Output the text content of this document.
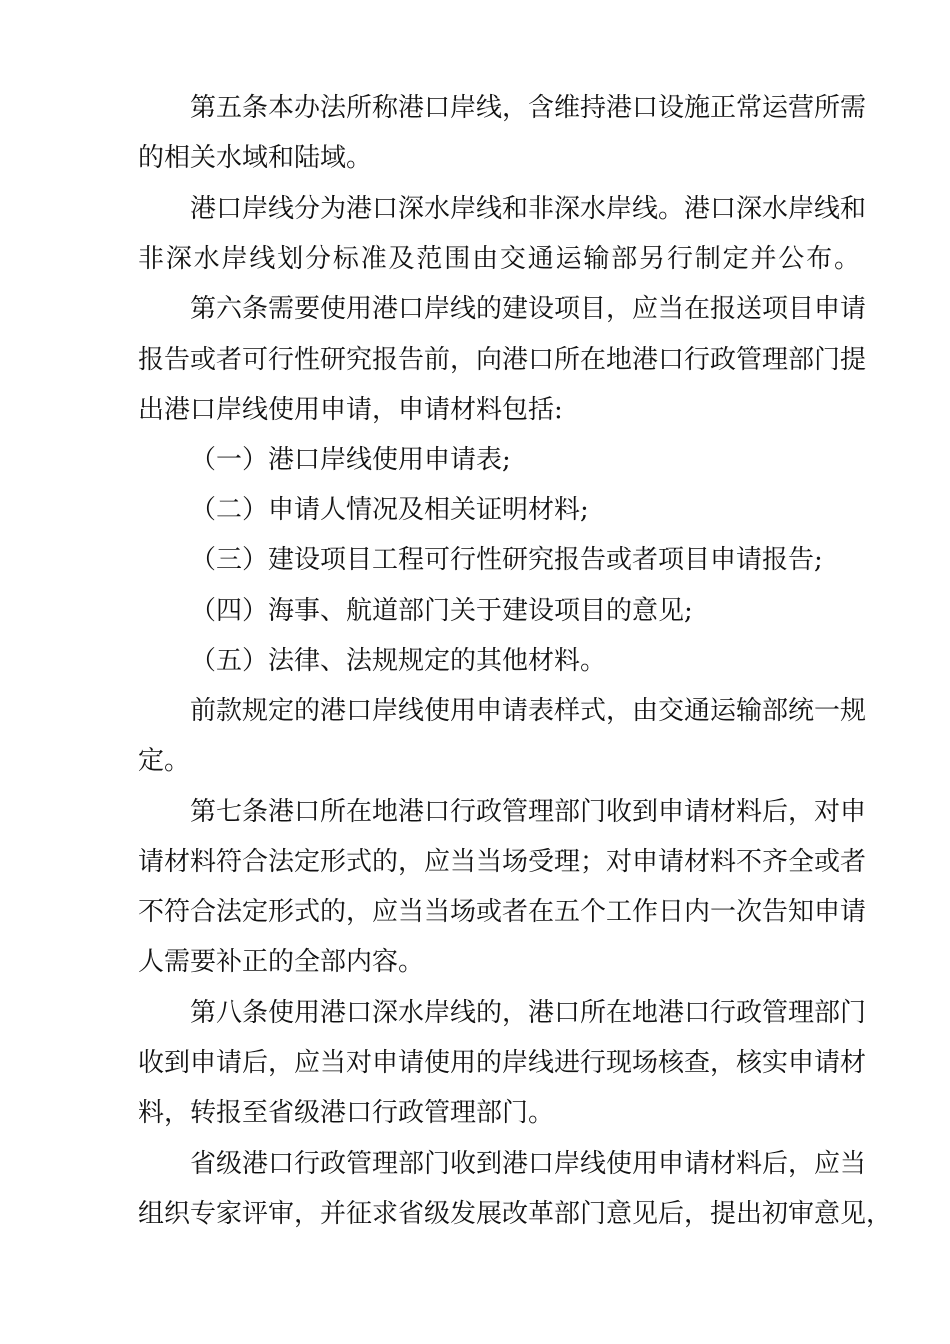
第五条本办法所称港口岸线，含维持港口设施正常运营所需
的相关水域和陆域。
港口岸线分为港口深水岸线和非深水岸线。港口深水岸线和
非深水岸线划分标准及范围由交通运输部另行制定并公布。
第六条需要使用港口岸线的建设项目，应当在报送项目申请
报告或者可行性研究报告前，向港口所在地港口行政管理部门提
出港口岸线使用申请，申请材料包括:
（一）港口岸线使用申请表;
（二）申请人情况及相关证明材料;
（三）建设项目工程可行性研究报告或者项目申请报告;
（四）海事、航道部门关于建设项目的意见;
（五）法律、法规规定的其他材料。
前款规定的港口岸线使用申请表样式，由交通运输部统一规
定。
第七条港口所在地港口行政管理部门收到申请材料后，对申
请材料符合法定形式的，应当当场受理；对申请材料不齐全或者
不符合法定形式的，应当当场或者在五个工作日内一次告知申请
人需要补正的全部内容。
第八条使用港口深水岸线的，港口所在地港口行政管理部门
收到申请后，应当对申请使用的岸线进行现场核查，核实申请材
料，转报至省级港口行政管理部门。
省级港口行政管理部门收到港口岸线使用申请材料后，应当
组织专家评审，并征求省级发展改革部门意见后，提出初审意见，
